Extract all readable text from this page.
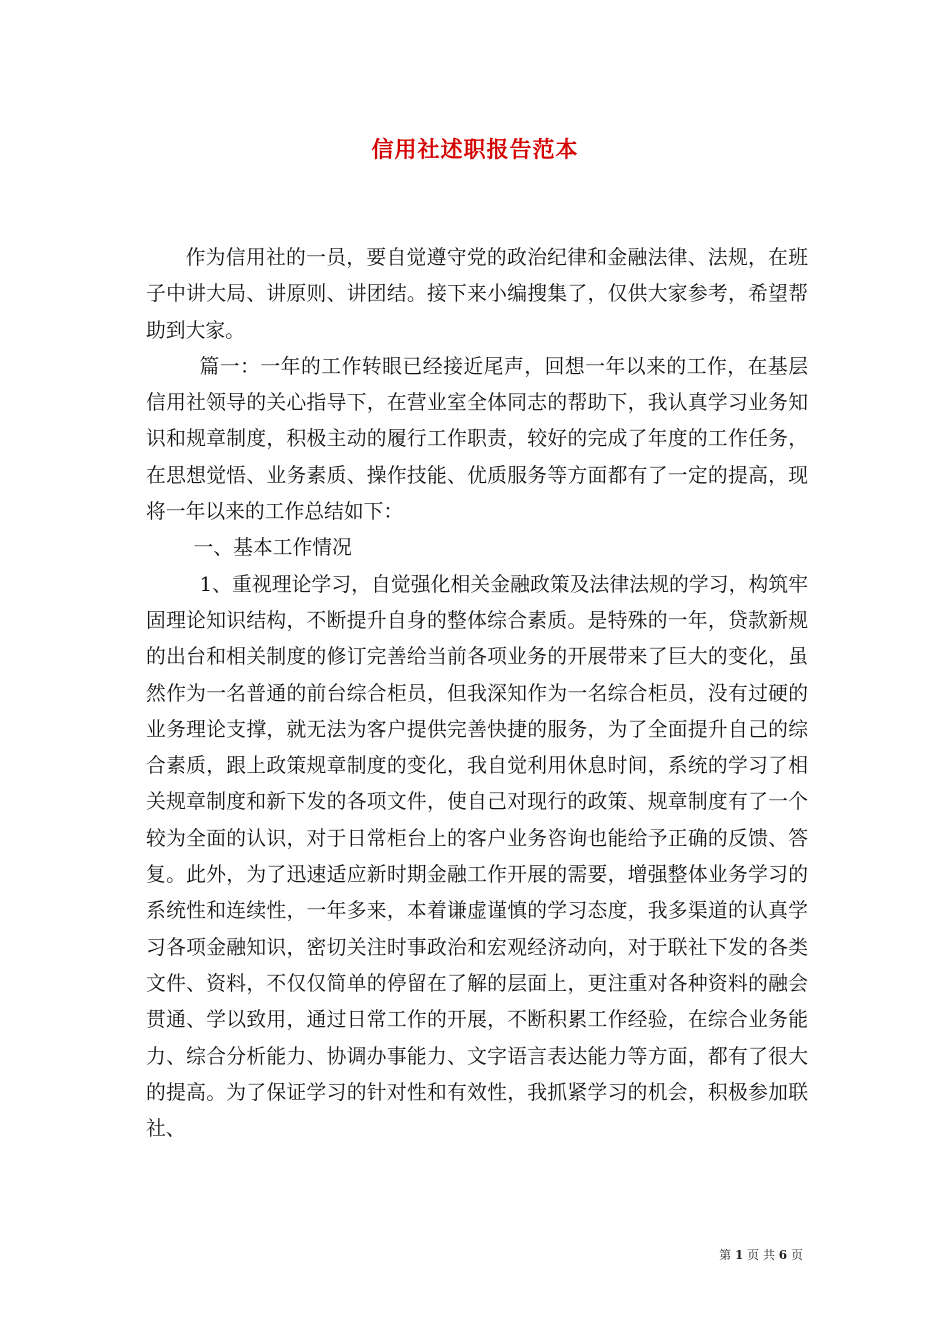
信用社述职报告范本

作为信用社的一员，要自觉遵守党的政治纪律和金融法律、法规，在班子中讲大局、讲原则、讲团结。接下来小编搜集了，仅供大家参考，希望帮助到大家。

篇一：一年的工作转眼已经接近尾声，回想一年以来的工作，在基层信用社领导的关心指导下，在营业室全体同志的帮助下，我认真学习业务知识和规章制度，积极主动的履行工作职责，较好的完成了年度的工作任务，在思想觉悟、业务素质、操作技能、优质服务等方面都有了一定的提高，现将一年以来的工作总结如下：

一、基本工作情况

1、重视理论学习，自觉强化相关金融政策及法律法规的学习，构筑牢固理论知识结构，不断提升自身的整体综合素质。是特殊的一年，贷款新规的出台和相关制度的修订完善给当前各项业务的开展带来了巨大的变化，虽然作为一名普通的前台综合柜员，但我深知作为一名综合柜员，没有过硬的业务理论支撑，就无法为客户提供完善快捷的服务，为了全面提升自己的综合素质，跟上政策规章制度的变化，我自觉利用休息时间，系统的学习了相关规章制度和新下发的各项文件，使自己对现行的政策、规章制度有了一个较为全面的认识，对于日常柜台上的客户业务咨询也能给予正确的反馈、答复。此外，为了迅速适应新时期金融工作开展的需要，增强整体业务学习的系统性和连续性，一年多来，本着谦虚谨慎的学习态度，我多渠道的认真学习各项金融知识，密切关注时事政治和宏观经济动向，对于联社下发的各类文件、资料，不仅仅简单的停留在了解的层面上，更注重对各种资料的融会贯通、学以致用，通过日常工作的开展，不断积累工作经验，在综合业务能力、综合分析能力、协调办事能力、文字语言表达能力等方面，都有了很大的提高。为了保证学习的针对性和有效性，我抓紧学习的机会，积极参加联社、

第 1 页 共 6 页
